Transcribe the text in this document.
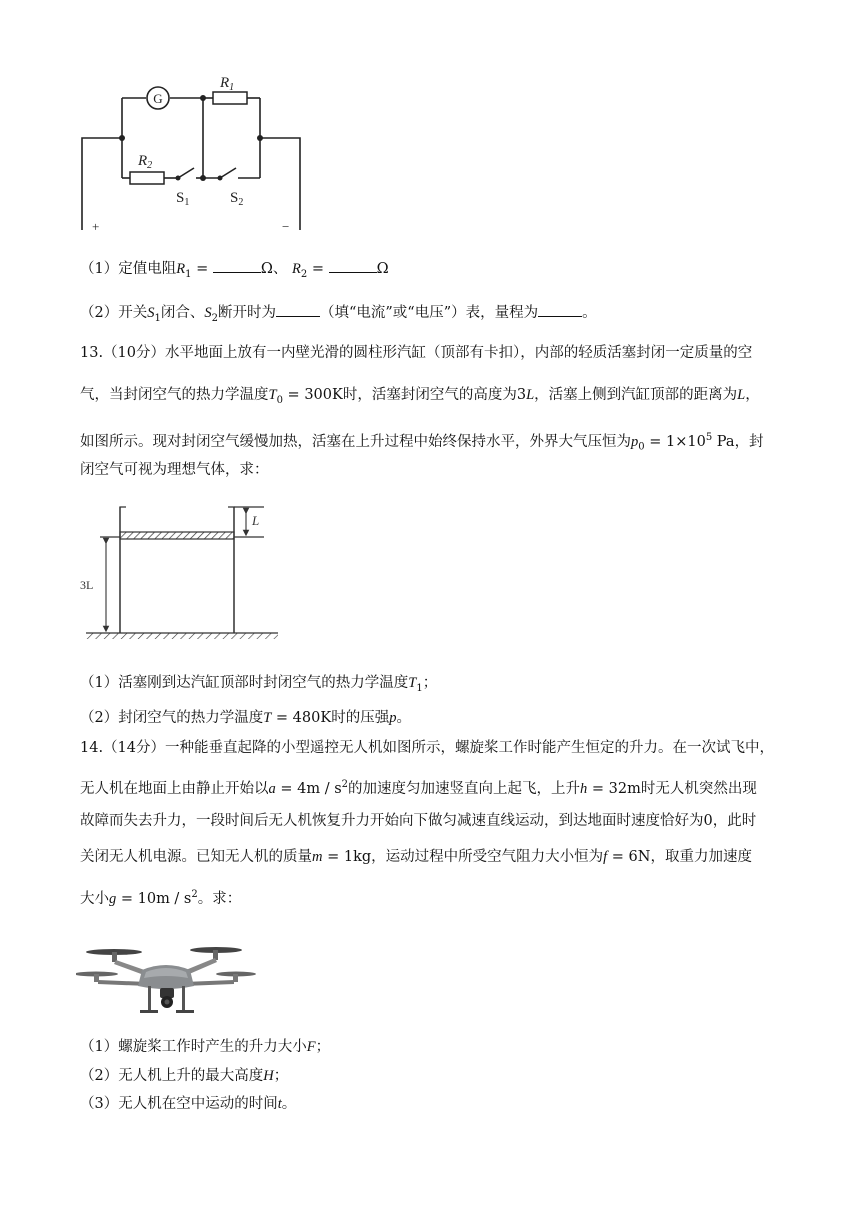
G
$R_1$
$R_2$
$S_1$	$S_2$
+	−
（1）定值电阻$R_1$ =	Ω、 $R_2$ =	Ω
（2）开关$S_1$闭合、$S_2$断开时为	（填“电流”或“电压”）表，量程为	。
13.（10分）水平地面上放有一内壁光滑的圆柱形汽缸（顶部有卡扣），内部的轻质活塞封闭一定质量的空
气，当封闭空气的热力学温度$T_0 = 300K$时，活塞封闭空气的高度为3L，活塞上侧到汽缸顶部的距离为L，
如图所示。现对封闭空气缓慢加热，活塞在上升过程中始终保持水平，外界大气压恒为$p_0 = 1\times 10^5$ Pa，封
闭空气可视为理想气体，求：
L
3L
（1）活塞刚到达汽缸顶部时封闭空气的热力学温度$T_1$；
（2）封闭空气的热力学温度T = 480K时的压强p。
14.（14分）一种能垂直起降的小型遥控无人机如图所示，螺旋桨工作时能产生恒定的升力。在一次试飞中，
无人机在地面上由静止开始以$a = 4m / s^2$的加速度匀加速竖直向上起飞，上升h = 32m时无人机突然出现
故障而失去升力，一段时间后无人机恢复升力开始向下做匀减速直线运动，到达地面时速度恰好为0，此时
关闭无人机电源。已知无人机的质量m = 1kg，运动过程中所受空气阻力大小恒为f = 6N，取重力加速度
大小$g = 10m / s^2$。求：
（1）螺旋桨工作时产生的升力大小F；
（2）无人机上升的最大高度H；
（3）无人机在空中运动的时间t。
